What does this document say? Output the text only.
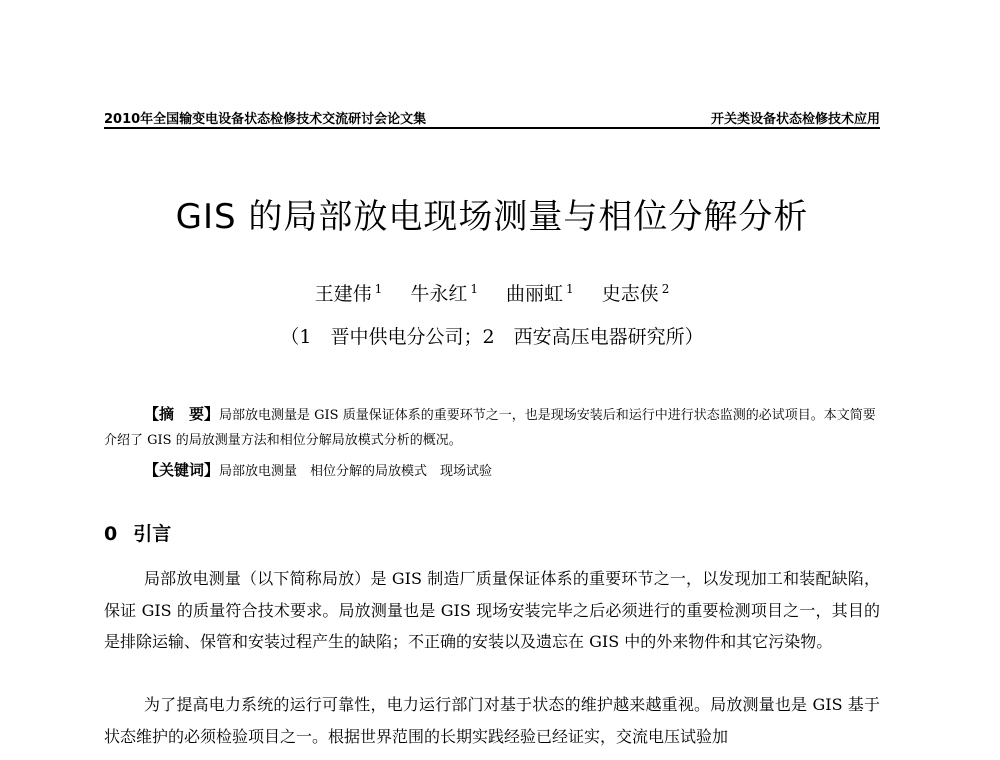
2010年全国输变电设备状态检修技术交流研讨会论文集	开关类设备状态检修技术应用
GIS 的局部放电现场测量与相位分解分析
王建伟 $^1$ 牛永红 $^1$ 曲丽虹 $^1$ 史志侠 $^2$
（1　晋中供电分公司；2　西安高压电器研究所）
【摘　要】局部放电测量是 GIS 质量保证体系的重要环节之一，也是现场安装后和运行中进行状态监测的必试项目。本文简要介绍了 GIS 的局放测量方法和相位分解局放模式分析的概况。
【关键词】局部放电测量　相位分解的局放模式　现场试验
0 引言
局部放电测量（以下简称局放）是 GIS 制造厂质量保证体系的重要环节之一，以发现加工和装配缺陷，保证 GIS 的质量符合技术要求。局放测量也是 GIS 现场安装完毕之后必须进行的重要检测项目之一，其目的是排除运输、保管和安装过程产生的缺陷；不正确的安装以及遗忘在 GIS 中的外来物件和其它污染物。
为了提高电力系统的运行可靠性，电力运行部门对基于状态的维护越来越重视。局放测量也是 GIS 基于状态维护的必须检验项目之一。根据世界范围的长期实践经验已经证实，交流电压试验加
